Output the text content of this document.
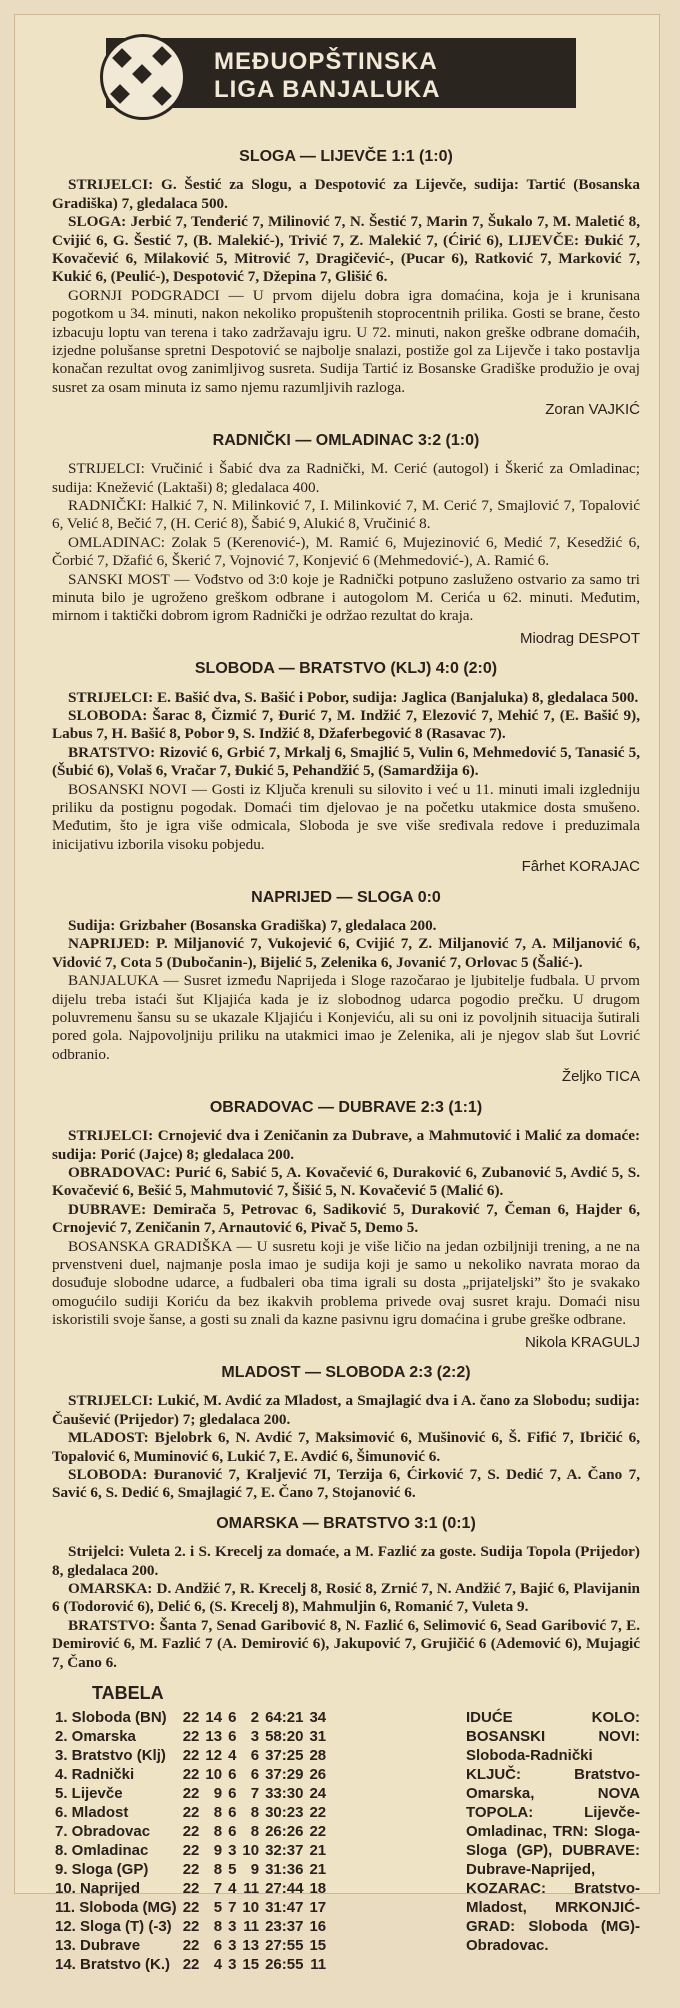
MEĐUOPŠTINSKA
LIGA BANJALUKA
SLOGA — LIJEVČE 1:1 (1:0)

STRIJELCI: G. Šestić za Slogu, a Despotović za Lijevče, sudija: Tartić (Bosanska Gradiška) 7, gledalaca 500.

SLOGA: Jerbić 7, Tenđerić 7, Milinović 7, N. Šestić 7, Marin 7, Šukalo 7, M. Maletić 8, Cvijić 6, G. Šestić 7, (B. Malekić-), Trivić 7, Z. Malekić 7, (Ćirić 6), LIJEVČE: Đukić 7, Kovačević 6, Milaković 5, Mitrović 7, Dragičević-, (Pucar 6), Ratković 7, Marković 7, Kukić 6, (Peulić-), Despotović 7, Džepina 7, Glišić 6.

GORNJI PODGRADCI — U prvom dijelu dobra igra domaćina, koja je i krunisana pogotkom u 34. minuti, nakon nekoliko propuštenih stoprocentnih prilika. Gosti se brane, često izbacuju loptu van terena i tako zadržavaju igru. U 72. minuti, nakon greške odbrane domaćih, izjedne polušanse spretni Despotović se najbolje snalazi, postiže gol za Lijevče i tako postavlja konačan rezultat ovog zanimljivog susreta. Sudija Tartić iz Bosanske Gradiške produžio je ovaj susret za osam minuta iz samo njemu razumljivih razloga.

Zoran VAJKIĆ
RADNIČKI — OMLADINAC 3:2 (1:0)

STRIJELCI: Vručinić i Šabić dva za Radnički, M. Cerić (autogol) i Škerić za Omladinac; sudija: Knežević (Laktaši) 8; gledalaca 400.

RADNIČKI: Halkić 7, N. Milinković 7, I. Milinković 7, M. Cerić 7, Smajlović 7, Topalović 6, Velić 8, Bečić 7, (H. Cerić 8), Šabić 9, Alukić 8, Vručinić 8.

OMLADINAC: Zolak 5 (Kerenović-), M. Ramić 6, Mujezinović 6, Medić 7, Kesedžić 6, Čorbić 7, Džafić 6, Škerić 7, Vojnović 7, Konjević 6 (Mehmedović-), A. Ramić 6.

SANSKI MOST — Vođstvo od 3:0 koje je Radnički potpuno zasluženo ostvario za samo tri minuta bilo je ugroženo greškom odbrane i autogolom M. Cerića u 62. minuti. Međutim, mirnom i taktički dobrom igrom Radnički je održao rezultat do kraja.

Miodrag DESPOT
SLOBODA — BRATSTVO (KLJ) 4:0 (2:0)

STRIJELCI: E. Bašić dva, S. Bašić i Pobor, sudija: Jaglica (Banjaluka) 8, gledalaca 500.

SLOBODA: Šarac 8, Čizmić 7, Đurić 7, M. Indžić 7, Elezović 7, Mehić 7, (E. Bašić 9), Labus 7, H. Bašić 8, Pobor 9, S. Indžić 8, Džaferbegović 8 (Rasavac 7).

BRATSTVO: Rizović 6, Grbić 7, Mrkalj 6, Smajlić 5, Vulin 6, Mehmedović 5, Tanasić 5, (Šubić 6), Volaš 6, Vračar 7, Đukić 5, Pehandžić 5, (Samardžija 6).

BOSANSKI NOVI — Gosti iz Ključa krenuli su silovito i već u 11. minuti imali izgledniju priliku da postignu pogodak. Domaći tim djelovao je na početku utakmice dosta smušeno. Međutim, što je igra više odmicala, Sloboda je sve više sređivala redove i preduzimala inicijativu izborila visoku pobjedu.

Fârhet KORAJAC
NAPRIJED — SLOGA 0:0

Sudija: Grizbaher (Bosanska Gradiška) 7, gledalaca 200.

NAPRIJED: P. Miljanović 7, Vukojević 6, Cvijić 7, Z. Miljanović 7, A. Miljanović 6, Vidović 7, Cota 5 (Dubočanin-), Bijelić 5, Zelenika 6, Jovanić 7, Orlovac 5 (Šalić-).

BANJALUKA — Susret između Naprijeda i Sloge razočarao je ljubitelje fudbala. U prvom dijelu treba istaći šut Kljajića kada je iz slobodnog udarca pogodio prečku. U drugom poluvremenu šansu su se ukazale Kljajiću i Konjeviću, ali su oni iz povoljnih situacija šutirali pored gola. Najpovoljniju priliku na utakmici imao je Zelenika, ali je njegov slab šut Lovrić odbranio.

Željko TICA
OBRADOVAC — DUBRAVE 2:3 (1:1)

STRIJELCI: Crnojević dva i Zeničanin za Dubrave, a Mahmutović i Malić za domaće: sudija: Porić (Jajce) 8; gledalaca 200.

OBRADOVAC: Purić 6, Sabić 5, A. Kovačević 6, Duraković 6, Zubanović 5, Avdić 5, S. Kovačević 6, Bešić 5, Mahmutović 7, Šišić 5, N. Kovačević 5 (Malić 6).

DUBRAVE: Demirača 5, Petrovac 6, Sadiković 5, Duraković 7, Čeman 6, Hajder 6, Crnojević 7, Zeničanin 7, Arnautović 6, Pivač 5, Demo 5.

BOSANSKA GRADIŠKA — U susretu koji je više ličio na jedan ozbiljniji trening, a ne na prvenstveni duel, najmanje posla imao je sudija koji je samo u nekoliko navrata morao da dosuđuje slobodne udarce, a fudbaleri oba tima igrali su dosta „prijateljski” što je svakako omogućilo sudiji Koriću da bez ikakvih problema privede ovaj susret kraju. Domaći nisu iskoristili svoje šanse, a gosti su znali da kazne pasivnu igru domaćina i grube greške odbrane.

Nikola KRAGULJ
MLADOST — SLOBODA 2:3 (2:2)

STRIJELCI: Lukić, M. Avdić za Mladost, a Smajlagić dva i A. čano za Slobodu; sudija: Čaušević (Prijedor) 7; gledalaca 200.

MLADOST: Bjelobrk 6, N. Avdić 7, Maksimović 6, Mušinović 6, Š. Fifić 7, Ibričić 6, Topalović 6, Muminović 6, Lukić 7, E. Avdić 6, Šimunović 6.

SLOBODA: Đuranović 7, Kraljević 7I, Terzija 6, Ćirković 7, S. Dedić 7, A. Čano 7, Savić 6, S. Dedić 6, Smajlagić 7, E. Čano 7, Stojanović 6.

OMARSKA — BRATSTVO 3:1 (0:1)

Strijelci: Vuleta 2. i S. Krecelj za domaće, a M. Fazlić za goste. Sudija Topola (Prijedor) 8, gledalaca 200.

OMARSKA: D. Andžić 7, R. Krecelj 8, Rosić 8, Zrnić 7, N. Andžić 7, Bajić 6, Plavijanin 6 (Todorović 6), Delić 6, (S. Krecelj 8), Mahmuljin 6, Romanić 7, Vuleta 9.

BRATSTVO: Šanta 7, Senad Garibović 8, N. Fazlić 6, Selimović 6, Sead Garibović 7, E. Demirović 6, M. Fazlić 7 (A. Demirović 6), Jakupović 7, Grujičić 6 (Ademović 6), Mujagić 7, Čano 6.

TABELA
1. Sloboda (BN)	22	14	6	2	64:21	34
2. Omarska	22	13	6	3	58:20	31
3. Bratstvo (Klj)	22	12	4	6	37:25	28
4. Radnički	22	10	6	6	37:29	26
5. Lijevče	22	9	6	7	33:30	24
6. Mladost	22	8	6	8	30:23	22
7. Obradovac	22	8	6	8	26:26	22
8. Omladinac	22	9	3	10	32:37	21
9. Sloga (GP)	22	8	5	9	31:36	21
10. Naprijed	22	7	4	11	27:44	18
11. Sloboda (MG)	22	5	7	10	31:47	17
12. Sloga (T) (-3)	22	8	3	11	23:37	16
13. Dubrave	22	6	3	13	27:55	15
14. Bratstvo (K.)	22	4	3	15	26:55	11
IDUĆE KOLO: BOSANSKI NOVI: Sloboda-Radnički KLJUČ: Bratstvo-Omarska, NOVA TOPOLA: Lijevče-Omladinac, TRN: Sloga-Sloga (GP), DUBRAVE: Dubrave-Naprijed, KOZARAC: Bratstvo-Mladost, MRKONJIĆ-GRAD: Sloboda (MG)-Obradovac.
